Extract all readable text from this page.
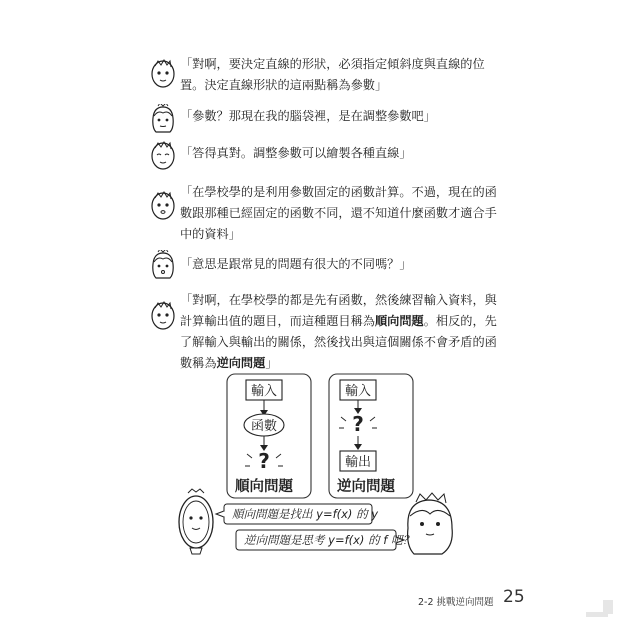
「對啊，要決定直線的形狀，必須指定傾斜度與直線的位置。決定直線形狀的這兩點稱為參數」
「參數？那現在我的腦袋裡，是在調整參數吧」
「答得真對。調整參數可以繪製各種直線」
「在學校學的是利用參數固定的函數計算。不過，現在的函數跟那種已經固定的函數不同，還不知道什麼函數才適合手中的資料」
「意思是跟常見的問題有很大的不同嗎？」
「對啊，在學校學的都是先有函數，然後練習輸入資料，與計算輸出值的題目，而這種題目稱為順向問題。相反的，先了解輸入與輸出的關係，然後找出與這個關係不會矛盾的函數稱為逆向問題」
輸入
函數
?
順向問題
輸入
?
輸出
逆向問題
順向問題是找出 y=f(x) 的 y
逆向問題是思考 y=f(x) 的 f 吧？
2-2 挑戰逆向問題 25
